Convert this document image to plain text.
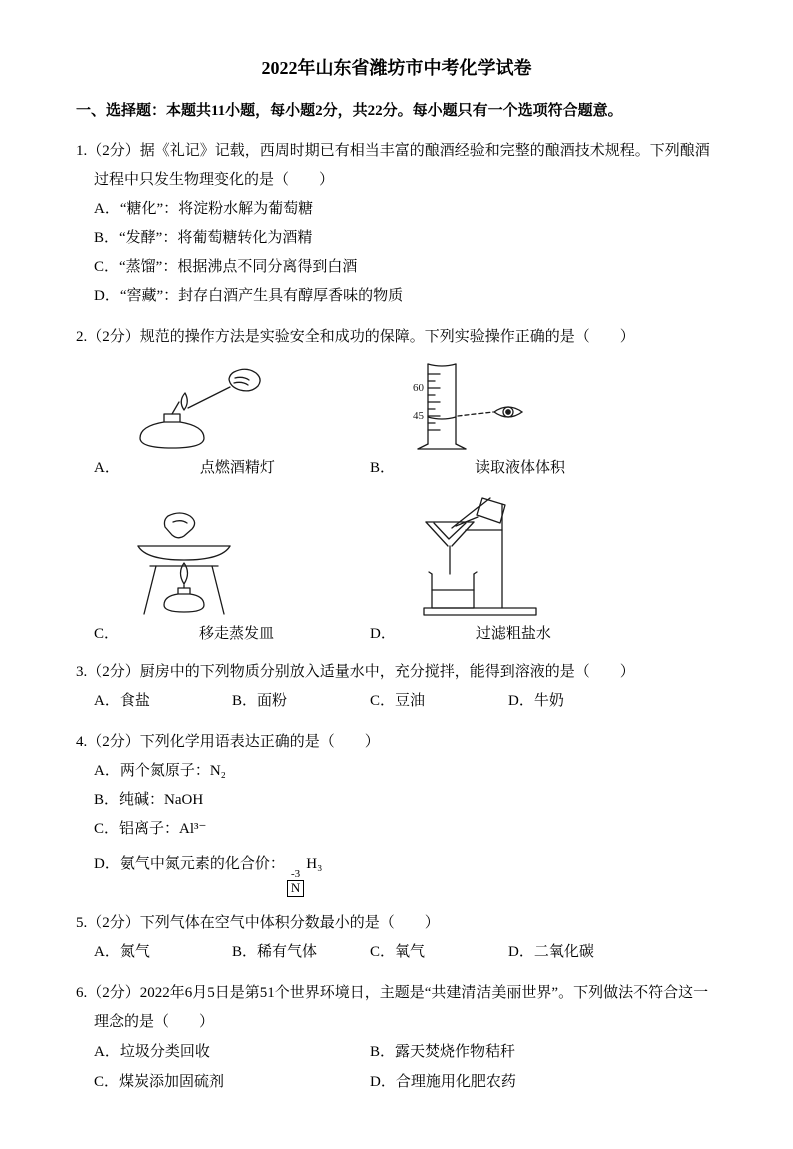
2022年山东省潍坊市中考化学试卷
一、选择题：本题共11小题，每小题2分，共22分。每小题只有一个选项符合题意。

1.（2分）据《礼记》记载，西周时期已有相当丰富的酿酒经验和完整的酿酒技术规程。下列酿酒过程中只发生物理变化的是（　　）

A．“糖化”：将淀粉水解为葡萄糖

B．“发酵”：将葡萄糖转化为酒精

C．“蒸馏”：根据沸点不同分离得到白酒

D．“窖藏”：封存白酒产生具有醇厚香味的物质

2.（2分）规范的操作方法是实验安全和成功的保障。下列实验操作正确的是（　　）

A．	点燃酒精灯
60
45
B．	读取液体体积
C．	移走蒸发皿	D．	过滤粗盐水

3.（2分）厨房中的下列物质分别放入适量水中，充分搅拌，能得到溶液的是（　　）

A．食盐	B．面粉	C．豆油	D．牛奶

4.（2分）下列化学用语表达正确的是（　　）

A．两个氮原子：N₂

B．纯碱：NaOH

C．铝离子：Al³⁻

D．氨气中氮元素的化合价：
-3
N
H₃

5.（2分）下列气体在空气中体积分数最小的是（　　）

A．氮气	B．稀有气体	C．氧气	D．二氧化碳

6.（2分）2022年6月5日是第51个世界环境日，主题是“共建清洁美丽世界”。下列做法不符合这一理念的是（　　）

A．垃圾分类回收	B．露天焚烧作物秸秆
C．煤炭添加固硫剂	D．合理施用化肥农药
